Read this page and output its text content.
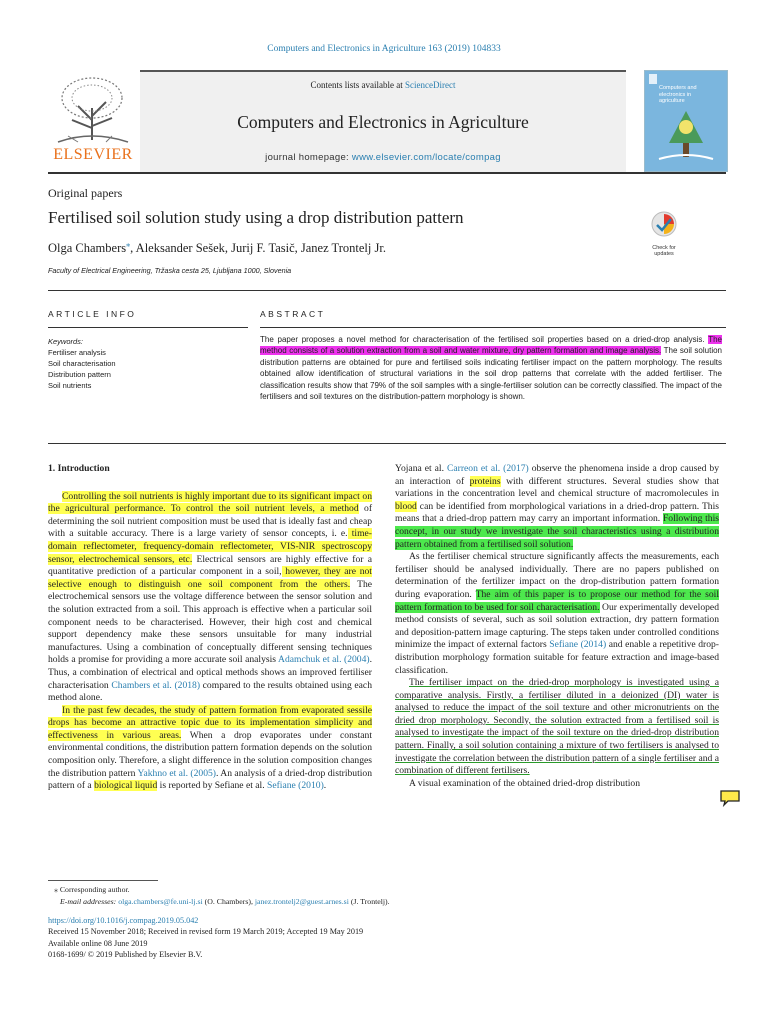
Computers and Electronics in Agriculture 163 (2019) 104833
ELSEVIER
Contents lists available at ScienceDirect
Computers and Electronics in Agriculture
journal homepage: www.elsevier.com/locate/compag
Computers and electronics in agriculture
Original papers
Fertilised soil solution study using a drop distribution pattern
Olga Chambers⁎, Aleksander Sešek, Jurij F. Tasič, Janez Trontelj Jr.
Faculty of Electrical Engineering, Tržaska cesta 25, Ljubljana 1000, Slovenia
Check for updates
ARTICLE INFO	ABSTRACT
Keywords:
Fertiliser analysis
Soil characterisation
Distribution pattern
Soil nutrients
The paper proposes a novel method for characterisation of the fertilised soil properties based on a dried-drop analysis. The method consists of a solution extraction from a soil and water mixture, dry pattern formation and image analysis. The soil solution distribution patterns are obtained for pure and fertilised soils indicating fertiliser impact on the pattern morphology. The results obtained allow identification of structural variations in the soil drop patterns that correlate with the added fertiliser. The classification results show that 79% of the soil samples with a single-fertiliser solution can be correctly classified. The impact of the fertilisers and soil textures on the distribution-pattern morphology is shown.

1. Introduction

Controlling the soil nutrients is highly important due to its significant impact on the agricultural performance. To control the soil nutrient levels, a method of determining the soil nutrient composition must be used that is ideally fast and cheap with a suitable accuracy. There is a large variety of sensor concepts, i. e. time-domain reflectometer, frequency-domain reflectometer, VIS-NIR spectroscopy sensor, electrochemical sensors, etc. Electrical sensors are highly effective for a quantitative prediction of a particular component in a soil, however, they are not selective enough to distinguish one soil component from the others. The electrochemical sensors use the voltage difference between the sensor solution and the solution extracted from a soil. This approach is effective when a particular soil component needs to be characterised. However, their high cost and chemical support dependency make these sensors unsuitable for many industrial manufactures. Using a combination of conceptually different sensing techniques holds a promise for providing a more accurate soil analysis Adamchuk et al. (2004). Thus, a combination of electrical and optical methods shows an improved fertiliser characterisation Chambers et al. (2018) compared to the results obtained using each method alone.

In the past few decades, the study of pattern formation from evaporated sessile drops has become an attractive topic due to its implementation simplicity and effectiveness in various areas. When a drop evaporates under constant environmental conditions, the distribution pattern formation depends on the solution composition only. Therefore, a slight difference in the solution composition changes the distribution pattern Yakhno et al. (2005). An analysis of a dried-drop distribution pattern of a biological liquid is reported by Sefiane et al. Sefiane (2010).

Yojana et al. Carreon et al. (2017) observe the phenomena inside a drop caused by an interaction of proteins with different structures. Several studies show that variations in the concentration level and chemical structure of macromolecules in blood can be identified from morphological variations in a dried-drop pattern. This means that a dried-drop pattern may carry an important information. Following this concept, in our study we investigate the soil characteristics using a distribution pattern obtained from a fertilised soil solution.

As the fertiliser chemical structure significantly affects the measurements, each fertiliser should be analysed individually. There are no papers published on determination of the fertilizer impact on the drop-distribution pattern formation during evaporation. The aim of this paper is to propose our method for the soil pattern formation to be used for soil characterisation. Our experimentally developed method consists of several, such as soil solution extraction, dry pattern formation and deposition-pattern image capturing. The steps taken under controlled conditions minimize the impact of external factors Sefiane (2014) and enable a repetitive drop-distribution morphology formation suitable for feature extraction and image-based classification.

The fertiliser impact on the dried-drop morphology is investigated using a comparative analysis. Firstly, a fertiliser diluted in a deionized (DI) water is analysed to reduce the impact of the soil texture and other micronutrients on the dried drop morphology. Secondly, the solution extracted from a fertilised soil is analysed to investigate the impact of the soil texture on the dried-drop distribution pattern. Finally, a soil solution containing a mixture of two fertilisers is analysed to investigate the correlation between the distribution pattern of a single fertiliser and a combination of different fertilisers.

A visual examination of the obtained dried-drop distribution

⁎ Corresponding author.
E-mail addresses: olga.chambers@fe.uni-lj.si (O. Chambers), janez.trontelj2@guest.arnes.si (J. Trontelj).
https://doi.org/10.1016/j.compag.2019.05.042
Received 15 November 2018; Received in revised form 19 March 2019; Accepted 19 May 2019
Available online 08 June 2019
0168-1699/ © 2019 Published by Elsevier B.V.
